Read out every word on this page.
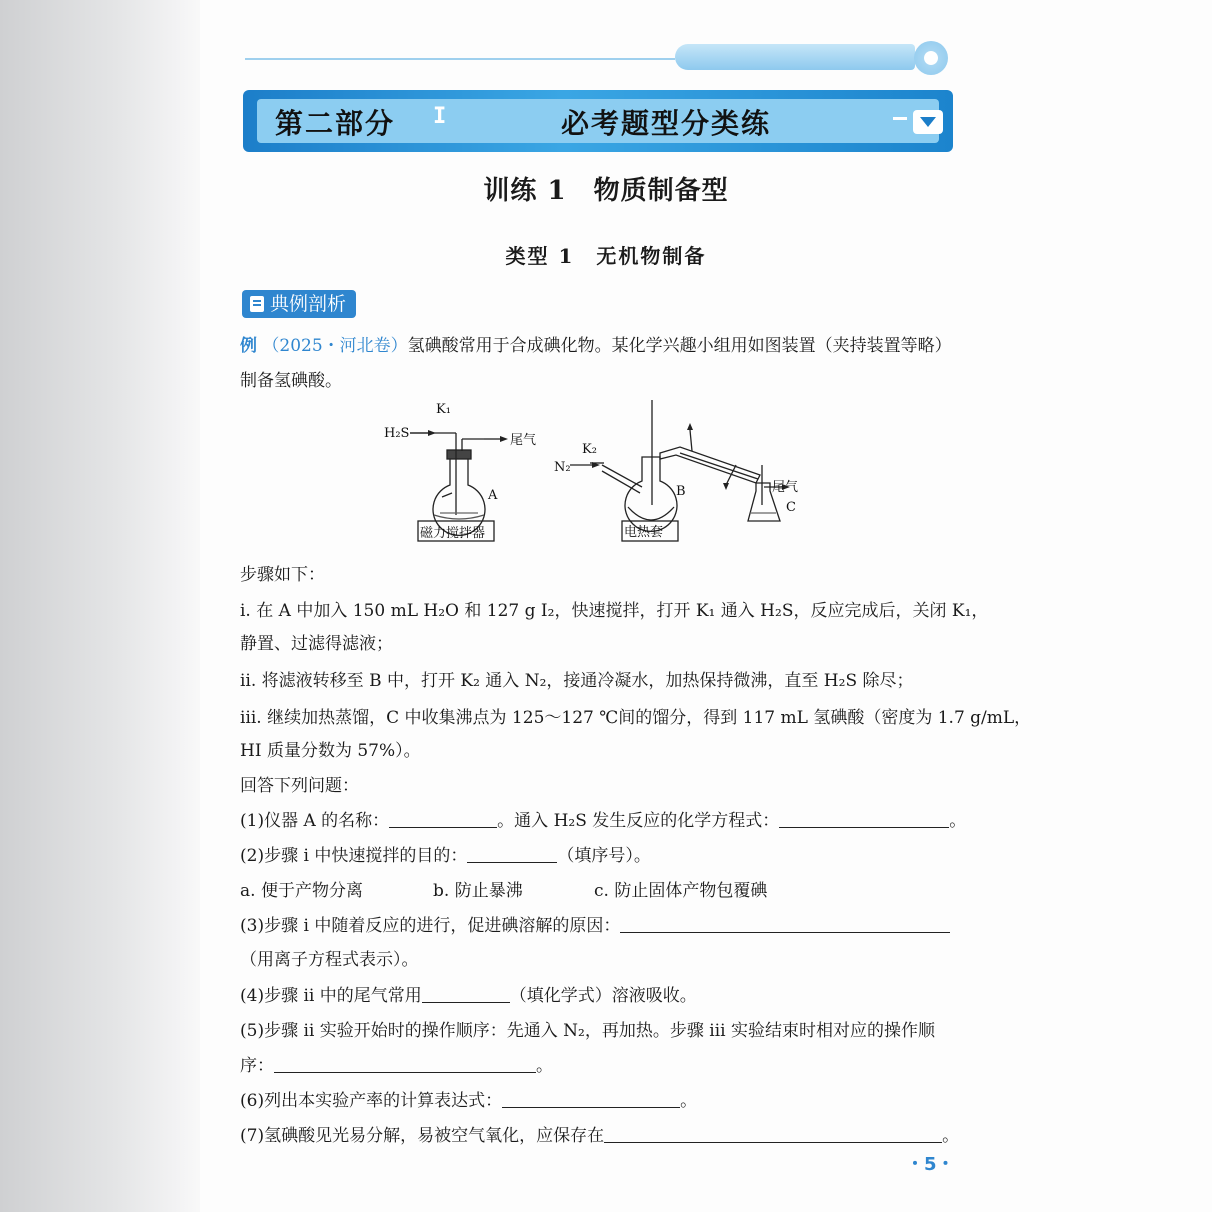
第二部分 I	必考题型分类练
训练 1　物质制备型
类型 1　无机物制备
典例剖析
例 （2025・河北卷）氢碘酸常用于合成碘化物。某化学兴趣小组用如图装置（夹持装置等略）
制备氢碘酸。
H₂S
K₁
尾气
A
磁力搅拌器
N₂
K₂
B
电热套
尾气
C
步骤如下：
ⅰ. 在 A 中加入 150 mL H₂O 和 127 g I₂，快速搅拌，打开 K₁ 通入 H₂S，反应完成后，关闭 K₁，
静置、过滤得滤液；
ⅱ. 将滤液转移至 B 中，打开 K₂ 通入 N₂，接通冷凝水，加热保持微沸，直至 H₂S 除尽；
ⅲ. 继续加热蒸馏，C 中收集沸点为 125～127 ℃间的馏分，得到 117 mL 氢碘酸（密度为 1.7 g/mL，
HI 质量分数为 57%）。
回答下列问题：
(1)仪器 A 的名称：	。通入 H₂S 发生反应的化学方程式：	。
(2)步骤 ⅰ 中快速搅拌的目的：	（填序号）。
a. 便于产物分离	b. 防止暴沸	c. 防止固体产物包覆碘
(3)步骤 ⅰ 中随着反应的进行，促进碘溶解的原因：
（用离子方程式表示）。
(4)步骤 ⅱ 中的尾气常用	（填化学式）溶液吸收。
(5)步骤 ⅱ 实验开始时的操作顺序：先通入 N₂，再加热。步骤 ⅲ 实验结束时相对应的操作顺
序：	。
(6)列出本实验产率的计算表达式：	。
(7)氢碘酸见光易分解，易被空气氧化，应保存在	。
・5・
